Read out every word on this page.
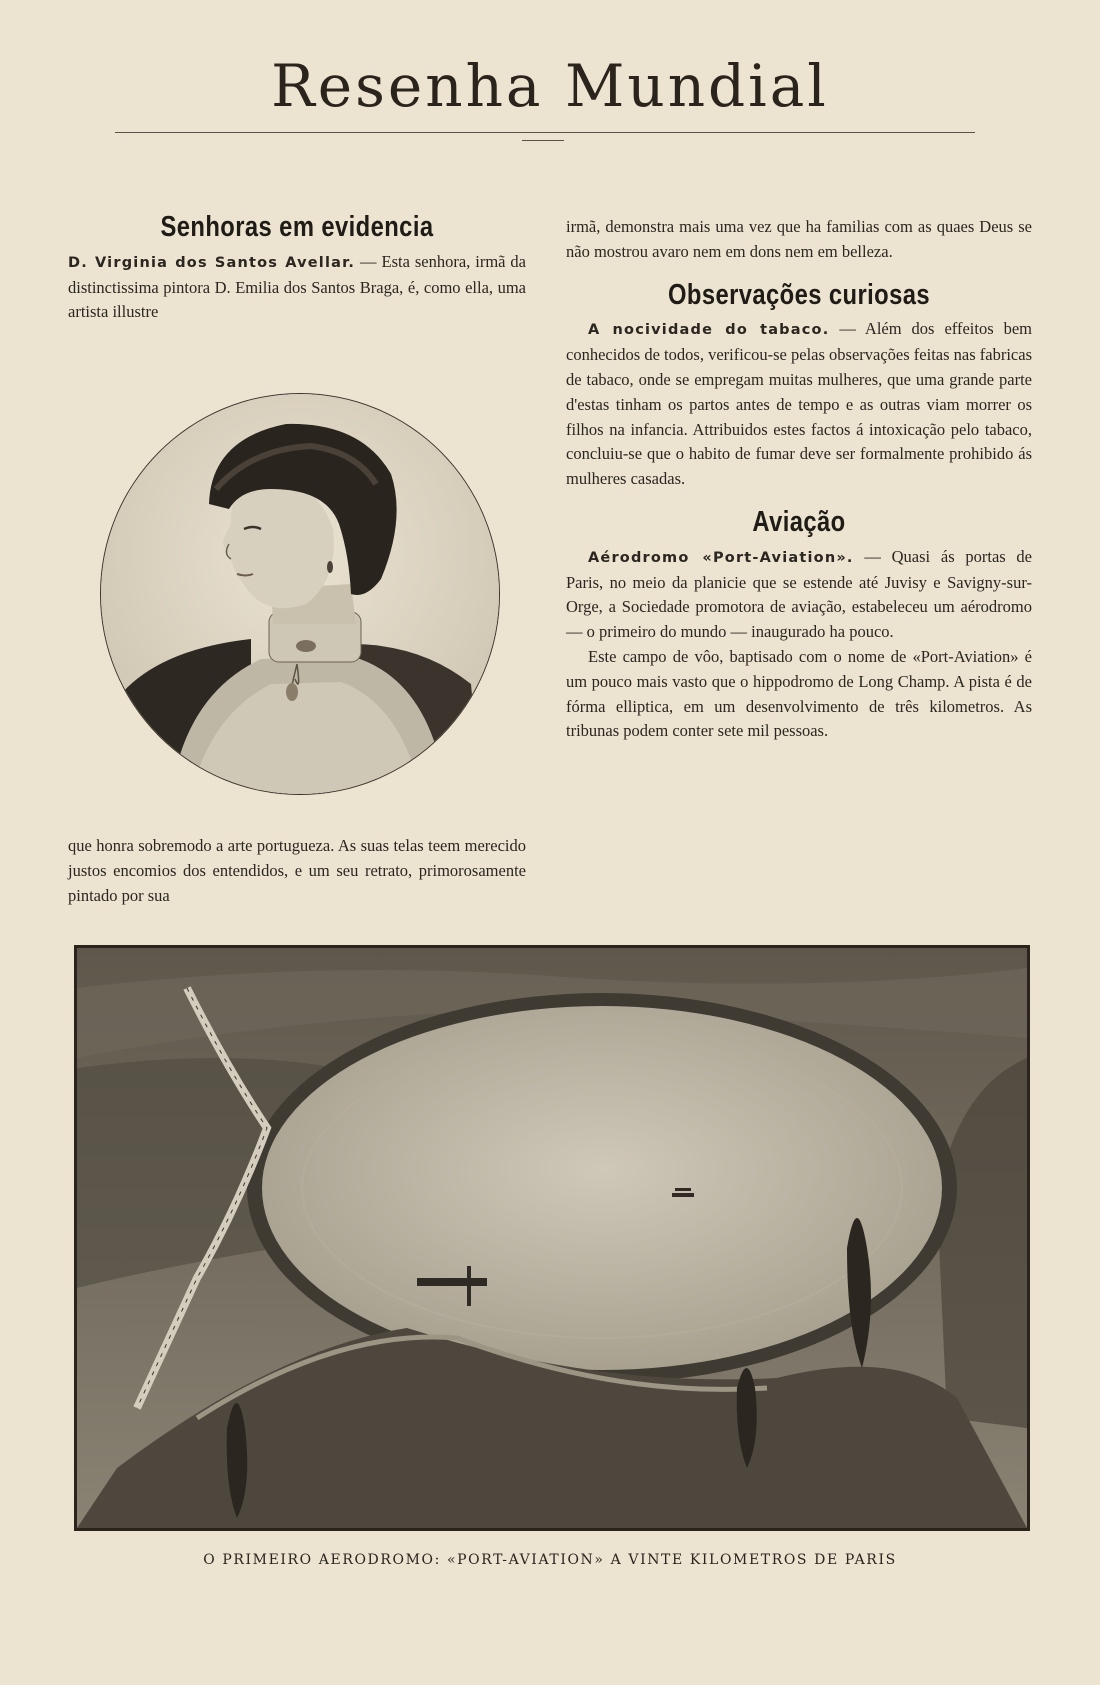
Resenha Mundial
Senhoras em evidencia

D. Virginia dos Santos Avellar. — Esta senhora, irmã da distinctissima pintora D. Emilia dos Santos Braga, é, como ella, uma artista illustre

que honra sobremodo a arte portugueza. As suas telas teem merecido justos encomios dos entendidos, e um seu retrato, primorosamente pintado por sua

irmã, demonstra mais uma vez que ha familias com as quaes Deus se não mostrou avaro nem em dons nem em belleza.

Observações curiosas

A nocividade do tabaco. — Além dos effeitos bem conhecidos de todos, verificou-se pelas observações feitas nas fabricas de tabaco, onde se empregam muitas mulheres, que uma grande parte d'estas tinham os partos antes de tempo e as outras viam morrer os filhos na infancia. Attribuidos estes factos á intoxicação pelo tabaco, concluiu-se que o habito de fumar deve ser formalmente prohibido ás mulheres casadas.

Aviação

Aérodromo «Port-Aviation». — Quasi ás portas de Paris, no meio da planicie que se estende até Juvisy e Savigny-sur-Orge, a Sociedade promotora de aviação, estabeleceu um aérodromo — o primeiro do mundo — inaugurado ha pouco.

Este campo de vôo, baptisado com o nome de «Port-Aviation» é um pouco mais vasto que o hippodromo de Long Champ. A pista é de fórma elliptica, em um desenvolvimento de três kilometros. As tribunas podem conter sete mil pessoas.

O PRIMEIRO AERODROMO: «PORT-AVIATION» A VINTE KILOMETROS DE PARIS
